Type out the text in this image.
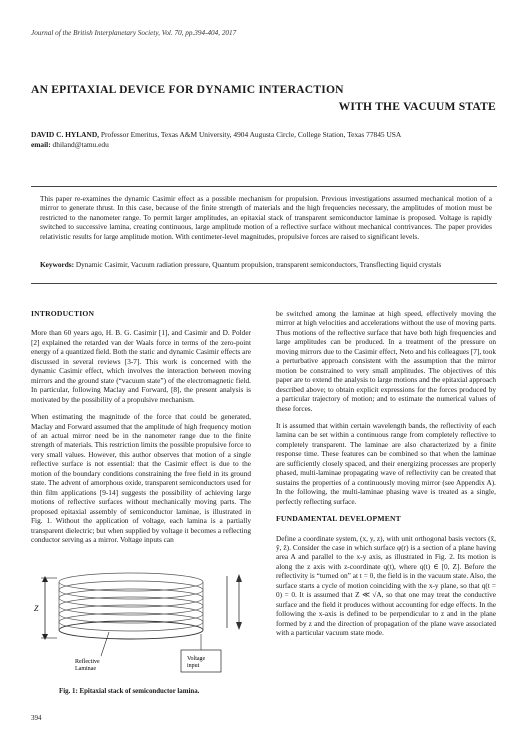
Journal of the British Interplanetary Society, Vol. 70, pp.394-404, 2017
AN EPITAXIAL DEVICE FOR DYNAMIC INTERACTION
WITH THE VACUUM STATE
DAVID C. HYLAND, Professor Emeritus, Texas A&M University, 4904 Augusta Circle, College Station, Texas 77845 USA
email: dhiland@tamu.edu
This paper re-examines the dynamic Casimir effect as a possible mechanism for propulsion. Previous investigations assumed mechanical motion of a mirror to generate thrust. In this case, because of the finite strength of materials and the high frequencies necessary, the amplitudes of motion must be restricted to the nanometer range. To permit larger amplitudes, an epitaxial stack of transparent semiconductor laminae is proposed. Voltage is rapidly switched to successive lamina, creating continuous, large amplitude motion of a reflective surface without mechanical contrivances. The paper provides relativistic results for large amplitude motion. With centimeter-level magnitudes, propulsive forces are raised to significant levels.
Keywords: Dynamic Casimir, Vacuum radiation pressure, Quantum propulsion, transparent semiconductors, Transflecting liquid crystals

INTRODUCTION

More than 60 years ago, H. B. G. Casimir [1], and Casimir and D. Polder [2] explained the retarded van der Waals force in terms of the zero-point energy of a quantized field. Both the static and dynamic Casimir effects are discussed in several reviews [3-7]. This work is concerned with the dynamic Casimir effect, which involves the interaction between moving mirrors and the ground state (“vacuum state”) of the electromagnetic field. In particular, following Maclay and Forward, [8], the present analysis is motivated by the possibility of a propulsive mechanism.

When estimating the magnitude of the force that could be generated, Maclay and Forward assumed that the amplitude of high frequency motion of an actual mirror need be in the nanometer range due to the finite strength of materials. This restriction limits the possible propulsive force to very small values. However, this author observes that motion of a single reflective surface is not essential: that the Casimir effect is due to the motion of the boundary conditions constraining the free field in its ground state. The advent of amorphous oxide, transparent semiconductors used for thin film applications [9-14] suggests the possibility of achieving large motions of reflective surfaces without mechanically moving parts. The proposed epitaxial assembly of semiconductor laminae, is illustrated in Fig. 1. Without the application of voltage, each lamina is a partially transparent dielectric; but when supplied by voltage it becomes a reflecting conductor serving as a mirror. Voltage inputs can

Z
Reflective
Laminae
Voltage
input
Fig. 1: Epitaxial stack of semiconductor lamina.

be switched among the laminae at high speed, effectively moving the mirror at high velocities and accelerations without the use of moving parts. Thus motions of the reflective surface that have both high frequencies and large amplitudes can be produced. In a treatment of the pressure on moving mirrors due to the Casimir effect, Neto and his colleagues [7], took a perturbative approach consistent with the assumption that the mirror motion be constrained to very small amplitudes. The objectives of this paper are to extend the analysis to large motions and the epitaxial approach described above; to obtain explicit expressions for the forces produced by a particular trajectory of motion; and to estimate the numerical values of these forces.

It is assumed that within certain wavelength bands, the reflectivity of each lamina can be set within a continuous range from completely reflective to completely transparent. The laminae are also characterized by a finite response time. These features can be combined so that when the laminae are sufficiently closely spaced, and their energizing processes are properly phased, multi-laminae propagating wave of reflectivity can be created that sustains the properties of a continuously moving mirror (see Appendix A). In the following, the multi-laminae phasing wave is treated as a single, perfectly reflecting surface.

FUNDAMENTAL DEVELOPMENT

Define a coordinate system, (x, y, z), with unit orthogonal basis vectors (x̂, ŷ, ẑ). Consider the case in which surface φ(r) is a section of a plane having area A and parallel to the x-y axis, as illustrated in Fig. 2. Its motion is along the z axis with z-coordinate q(t), where q(t) ∈ [0, Z]. Before the reflectivity is “turned on” at t = 0, the field is in the vacuum state. Also, the surface starts a cycle of motion coinciding with the x-y plane, so that q(t = 0) = 0. It is assumed that Z ≪ √A, so that one may treat the conductive surface and the field it produces without accounting for edge effects. In the following the x-axis is defined to be perpendicular to z and in the plane formed by z and the direction of propagation of the plane wave associated with a particular vacuum state mode.

394
